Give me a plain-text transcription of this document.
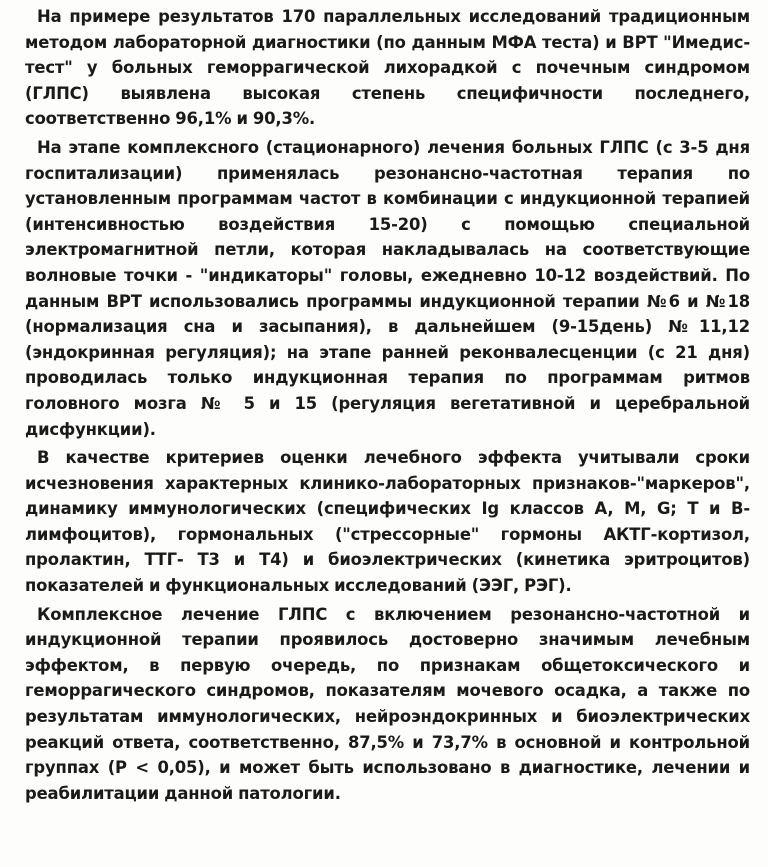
На примере результатов 170 параллельных исследований традиционным методом лабораторной диагностики (по данным МФА теста) и ВРТ "Имедис-тест" у больных геморрагической лихорадкой с почечным синдромом (ГЛПС) выявлена высокая степень специфичности последнего, соответственно 96,1% и 90,3%.

На этапе комплексного (стационарного) лечения больных ГЛПС (с 3-5 дня госпитализации) применялась резонансно-частотная терапия по установленным программам частот в комбинации с индукционной терапией (интенсивностью воздействия 15-20) с помощью специальной электромагнитной петли, которая накладывалась на соответствующие волновые точки - "индикаторы" головы, ежедневно 10-12 воздействий. По данным ВРТ использовались программы индукционной терапии №6 и №18 (нормализация сна и засыпания), в дальнейшем (9-15день) №11,12 (эндокринная регуляция); на этапе ранней реконвалесценции (с 21 дня) проводилась только индукционная терапия по программам ритмов головного мозга № 5 и 15 (регуляция вегетативной и церебральной дисфункции).

В качестве критериев оценки лечебного эффекта учитывали сроки исчезновения характерных клинико-лабораторных признаков-"маркеров", динамику иммунологических (специфических Ig классов A, M, G; T и B-лимфоцитов), гормональных ("стрессорные" гормоны АКТГ-кортизол, пролактин, ТТГ- Т3 и Т4) и биоэлектрических (кинетика эритроцитов) показателей и функциональных исследований (ЭЭГ, РЭГ).

Комплексное лечение ГЛПС с включением резонансно-частотной и индукционной терапии проявилось достоверно значимым лечебным эффектом, в первую очередь, по признакам общетоксического и геморрагического синдромов, показателям мочевого осадка, а также по результатам иммунологических, нейроэндокринных и биоэлектрических реакций ответа, соответственно, 87,5% и 73,7% в основной и контрольной группах (P < 0,05), и может быть использовано в диагностике, лечении и реабилитации данной патологии.
